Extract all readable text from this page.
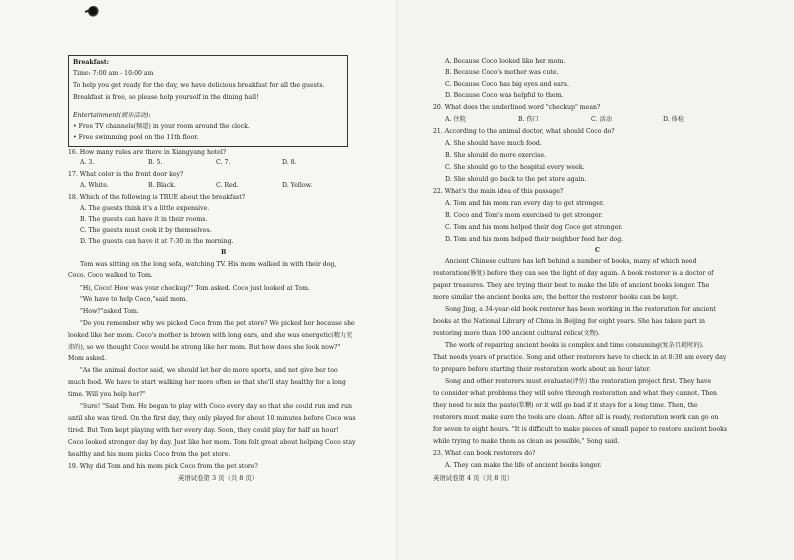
Breakfast:
Time: 7:00 am - 10:00 am
To help you get ready for the day, we have delicious breakfast for all the guests.
Breakfast is free, so please help yourself in the dining hall!
Entertainment(娱乐活动):
• Free TV channels(频道) in your room around the clock.
• Free swimming pool on the 11th floor.
16. How many rules are there in Xiangyang hotel?
A. 3.	B. 5.	C. 7.	D. 8.
17. What color is the front door key?
A. White.	B. Black.	C. Red.	D. Yellow.
18. Which of the following is TRUE about the breakfast?
A. The guests think it's a little expensive.
B. The guests can have it in their rooms.
C. The guests must cook it by themselves.
D. The guests can have it at 7:30 in the morning.
B
Tom was sitting on the long sofa, watching TV. His mom walked in with their dog,
Coco. Coco walked to Tom.
"Hi, Coco! How was your checkup?" Tom asked. Coco just looked at Tom.
"We have to help Coco,"said mom.
"How?"asked Tom.
"Do you remember why we picked Coco from the pet store? We picked her because she
looked like her mom. Coco's mother is brown with long ears, and she was energetic(精力充
沛的), so we thought Coco would be strong like her mom. But how does she look now?"
Mom asked.
"As the animal doctor said, we should let her do more sports, and not give her too
much food. We have to start walking her more often so that she'll stay healthy for a long
time. Will you help her?"
"Sure! "Said Tom. He began to play with Coco every day so that she could run and run
until she was tired. On the first day, they only played for about 10 minutes before Coco was
tired. But Tom kept playing with her every day. Soon, they could play for half an hour!
Coco looked stronger day by day. Just like her mom. Tom felt great about helping Coco stay
healthy and his mom picks Coco from the pet store.
19. Why did Tom and his mom pick Coco from the pet store?
英语试卷第 3 页（共 8 页）
A. Because Coco looked like her mom.
B. Because Coco's mother was cute.
C. Because Coco has big eyes and ears.
D. Because Coco was helpful to them.
20. What does the underlined word "checkup" mean?
A. 住院	B. 伤口	C. 活动	D. 体检
21. According to the animal doctor, what should Coco do?
A. She should have much food.
B. She should do more exercise.
C. She should go to the hospital every week.
D. She should go back to the pet store again.
22. What's the main idea of this passage?
A. Tom and his mom ran every day to get stronger.
B. Coco and Tom's mom exercised to get stronger.
C. Tom and his mom helped their dog Coco get stronger.
D. Tom and his mom helped their neighbor feed her dog.
C
Ancient Chinese culture has left behind a number of books, many of which need
restoration(修复) before they can see the light of day again. A book restorer is a doctor of
paper treasures. They are trying their best to make the life of ancient books longer. The
more similar the ancient books are, the better the restorer books can be kept.
Song Jing, a 34-year-old book restorer has been working in the restoration for ancient
books at the National Library of China in Beijing for eight years. She has taken part in
restoring more than 100 ancient cultural relics(文物).
The work of repairing ancient books is complex and time consuming(复杂且耗时的).
That needs years of practice. Song and other restorers have to check in at 8:30 am every day
to prepare before starting their restoration work about an hour later.
Song and other restorers must evaluate(评估) the restoration project first. They have
to consider what problems they will solve through restoration and what they cannot. Then
they need to mix the paste(浆糊) or it will go bad if it stays for a long time. Then, the
restorers must make sure the tools are clean. After all is ready, restoration work can go on
for seven to eight hours. "It is difficult to make pieces of small paper to restore ancient books
while trying to make them as clean as possible," Song said.
23. What can book restorers do?
A. They can make the life of ancient books longer.
英语试卷第 4 页（共 8 页）
